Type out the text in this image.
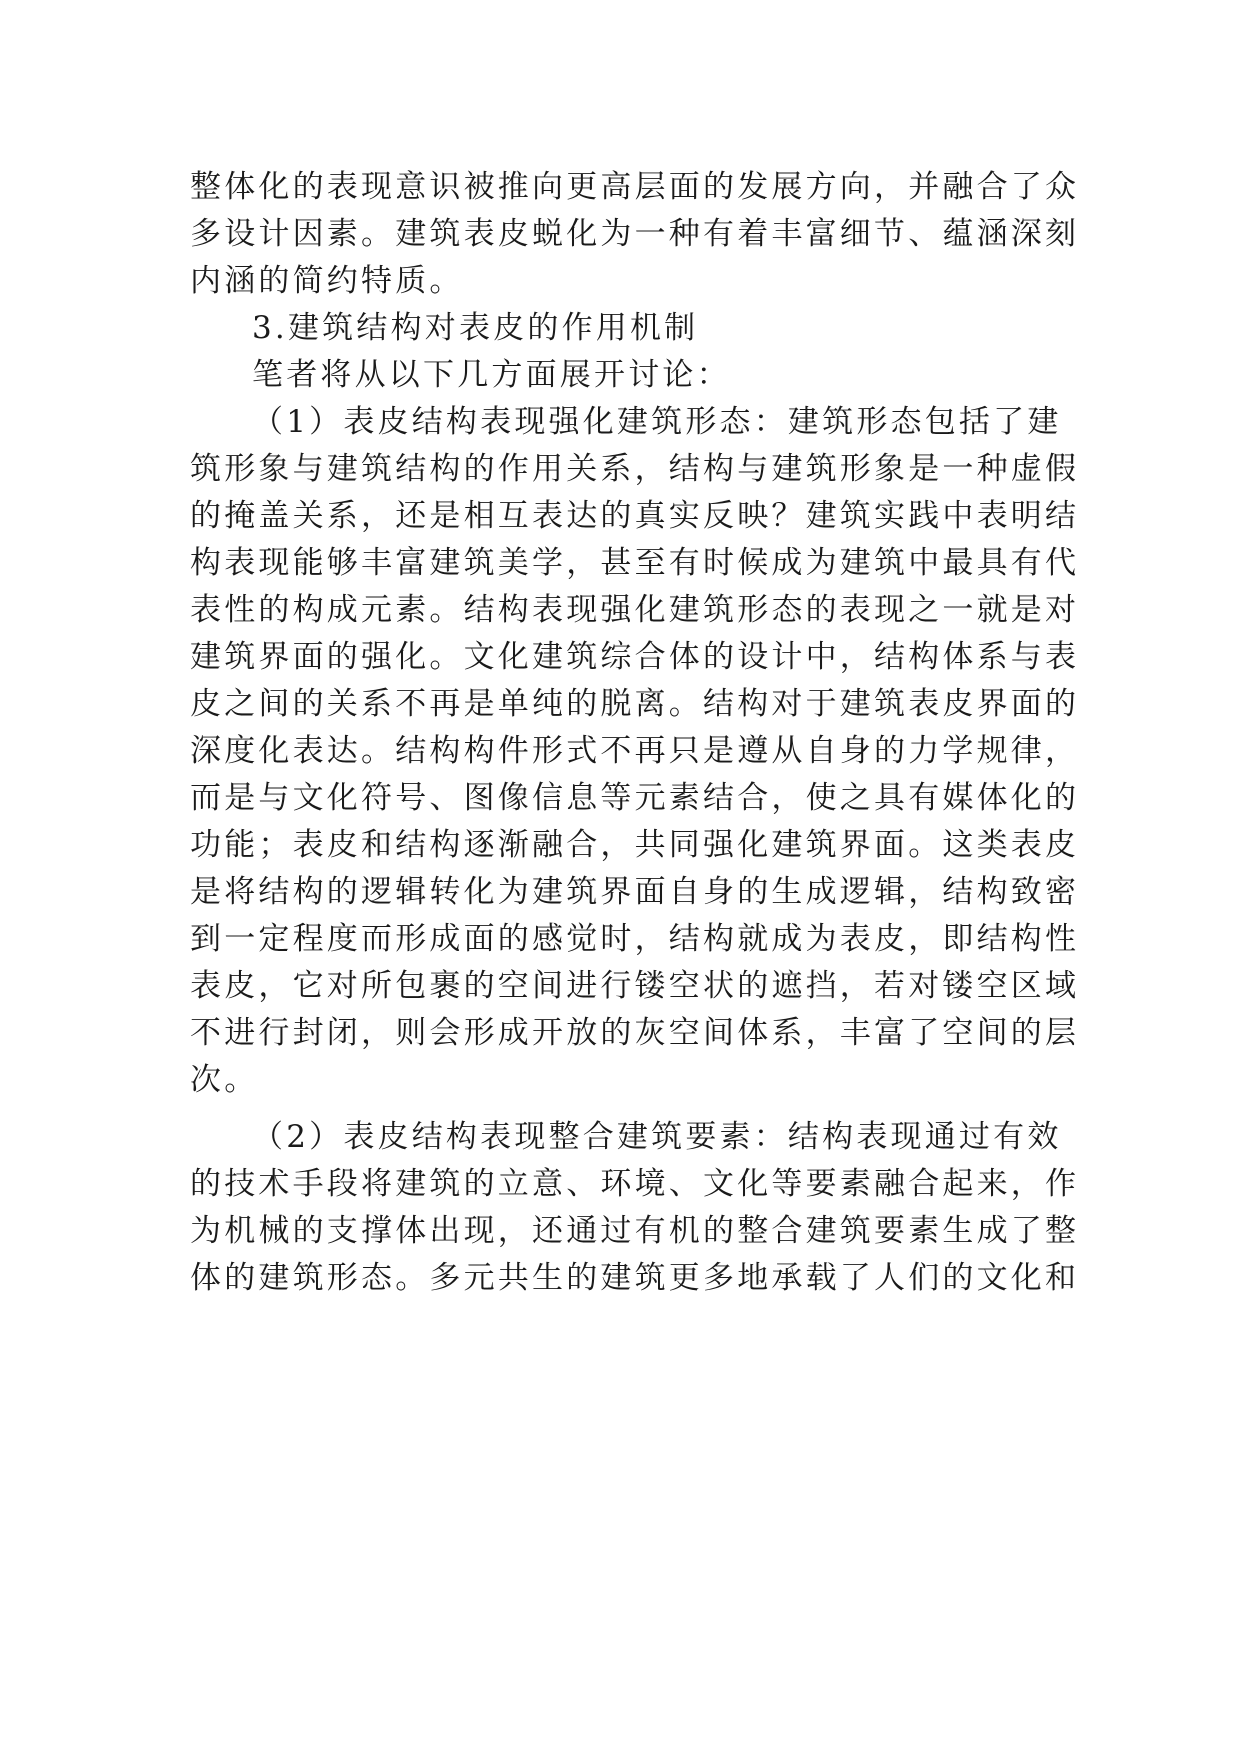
整体化的表现意识被推向更高层面的发展方向，并融合了众
多设计因素。建筑表皮蜕化为一种有着丰富细节、蕴涵深刻
内涵的简约特质。
3.建筑结构对表皮的作用机制
笔者将从以下几方面展开讨论：
（1）表皮结构表现强化建筑形态：建筑形态包括了建
筑形象与建筑结构的作用关系，结构与建筑形象是一种虚假
的掩盖关系，还是相互表达的真实反映？建筑实践中表明结
构表现能够丰富建筑美学，甚至有时候成为建筑中最具有代
表性的构成元素。结构表现强化建筑形态的表现之一就是对
建筑界面的强化。文化建筑综合体的设计中，结构体系与表
皮之间的关系不再是单纯的脱离。结构对于建筑表皮界面的
深度化表达。结构构件形式不再只是遵从自身的力学规律，
而是与文化符号、图像信息等元素结合，使之具有媒体化的
功能；表皮和结构逐渐融合，共同强化建筑界面。这类表皮
是将结构的逻辑转化为建筑界面自身的生成逻辑，结构致密
到一定程度而形成面的感觉时，结构就成为表皮，即结构性
表皮，它对所包裹的空间进行镂空状的遮挡，若对镂空区域
不进行封闭，则会形成开放的灰空间体系，丰富了空间的层
次。
（2）表皮结构表现整合建筑要素：结构表现通过有效
的技术手段将建筑的立意、环境、文化等要素融合起来，作
为机械的支撑体出现，还通过有机的整合建筑要素生成了整
体的建筑形态。多元共生的建筑更多地承载了人们的文化和
